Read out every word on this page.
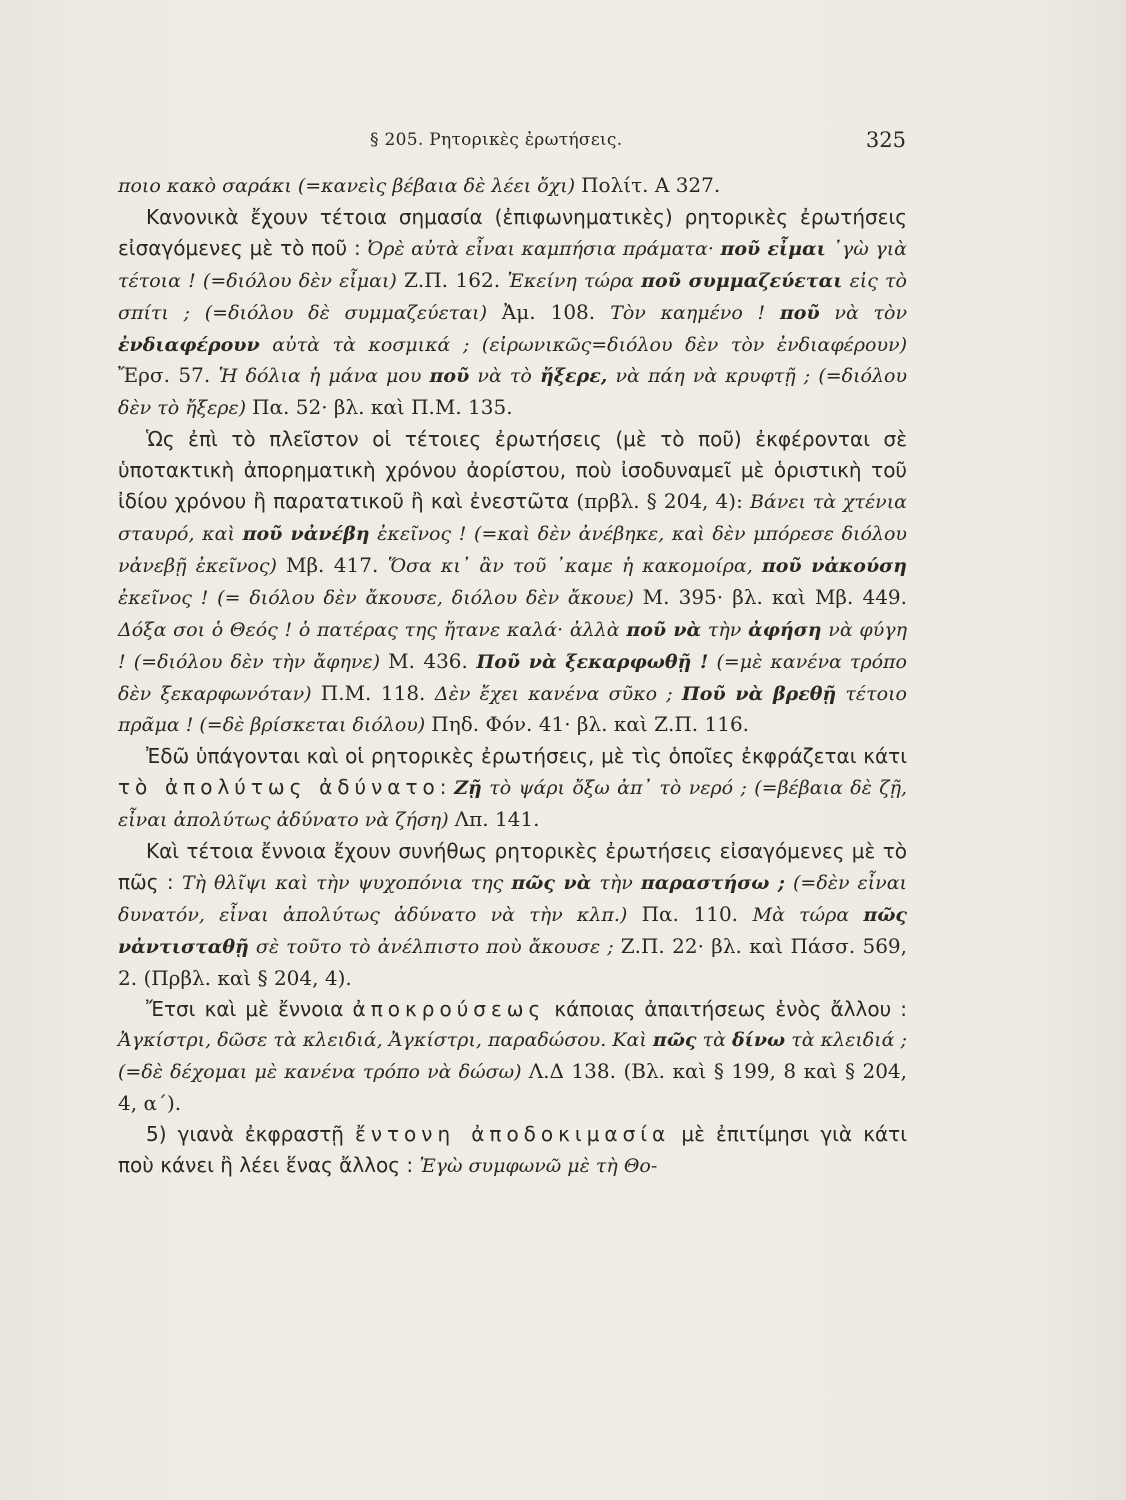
§ 205. Ρητορικὲς ἐρωτήσεις.	325

ποιο κακὸ σαράκι (=κανεὶς βέβαια δὲ λέει ὄχι) Πολίτ. Α 327.

Κανονικὰ ἔχουν τέτοια σημασία (ἐπιφωνηματικὲς) ρητορικὲς ἐρωτήσεις εἰσαγόμενες μὲ τὸ ποῦ : Ὀρὲ αὐτὰ εἶναι καμπήσια πράματα· ποῦ εἶμαι ᾿γὼ γιὰ τέτοια ! (=διόλου δὲν εἶμαι) Ζ.Π. 162. Ἐκείνη τώρα ποῦ συμμαζεύεται εἰς τὸ σπίτι ; (=διόλου δὲ συμμαζεύεται) Ἀμ. 108. Τὸν καημένο ! ποῦ νὰ τὸν ἐνδιαφέρουν αὐτὰ τὰ κοσμικά ; (εἰρωνικῶς=διόλου δὲν τὸν ἐνδιαφέρουν) Ἔρσ. 57. Ἡ δόλια ἡ μάνα μου ποῦ νὰ τὸ ἤξερε, νὰ πάη νὰ κρυφτῇ ; (=διόλου δὲν τὸ ἤξερε) Πα. 52· βλ. καὶ Π.Μ. 135.

Ὡς ἐπὶ τὸ πλεῖστον οἱ τέτοιες ἐρωτήσεις (μὲ τὸ ποῦ) ἐκφέρονται σὲ ὑποτακτικὴ ἀπορηματικὴ χρόνου ἀορίστου, ποὺ ἰσοδυναμεῖ μὲ ὁριστικὴ τοῦ ἰδίου χρόνου ἢ παρατατικοῦ ἢ καὶ ἐνεστῶτα (πρβλ. § 204, 4): Βάνει τὰ χτένια σταυρό, καὶ ποῦ νἀνέβη ἐκεῖνος ! (=καὶ δὲν ἀνέβηκε, καὶ δὲν μπόρεσε διόλου νἀνεβῇ ἐκεῖνος) Μβ. 417. Ὅσα κι᾿ ἂν τοῦ ᾿καμε ἡ κακομοίρα, ποῦ νἀκούση ἐκεῖνος ! (= διόλου δὲν ἄκουσε, διόλου δὲν ἄκουε) Μ. 395· βλ. καὶ Μβ. 449. Δόξα σοι ὁ Θεός ! ὁ πατέρας της ἤτανε καλά· ἀλλὰ ποῦ νὰ τὴν ἀφήση νὰ φύγη ! (=διόλου δὲν τὴν ἄφηνε) Μ. 436. Ποῦ νὰ ξεκαρφωθῇ ! (=μὲ κανένα τρόπο δὲν ξεκαρφωνόταν) Π.Μ. 118. Δὲν ἔχει κανένα σῦκο ; Ποῦ νὰ βρεθῇ τέτοιο πρᾶμα ! (=δὲ βρίσκεται διόλου) Πηδ. Φόν. 41· βλ. καὶ Ζ.Π. 116.

Ἐδῶ ὑπάγονται καὶ οἱ ρητορικὲς ἐρωτήσεις, μὲ τὶς ὁποῖες ἐκφράζεται κάτι τὸ ἀπολύτως ἀδύνατο: Ζῇ τὸ ψάρι ὄξω ἀπ᾿ τὸ νερό ; (=βέβαια δὲ ζῇ, εἶναι ἀπολύτως ἀδύνατο νὰ ζήση) Λπ. 141.

Καὶ τέτοια ἔννοια ἔχουν συνήθως ρητορικὲς ἐρωτήσεις εἰσαγόμενες μὲ τὸ πῶς : Τὴ θλῖψι καὶ τὴν ψυχοπόνια της πῶς νὰ τὴν παραστήσω ; (=δὲν εἶναι δυνατόν, εἶναι ἀπολύτως ἀδύνατο νὰ τὴν κλπ.) Πα. 110. Μὰ τώρα πῶς νἀντισταθῇ σὲ τοῦτο τὸ ἀνέλπιστο ποὺ ἄκουσε ; Ζ.Π. 22· βλ. καὶ Πάσσ. 569, 2. (Πρβλ. καὶ § 204, 4).

Ἔτσι καὶ μὲ ἔννοια ἀποκρούσεως κάποιας ἀπαιτήσεως ἑνὸς ἄλλου : Ἀγκίστρι, δῶσε τὰ κλειδιά, Ἀγκίστρι, παραδώσου. Καὶ πῶς τὰ δίνω τὰ κλειδιά ; (=δὲ δέχομαι μὲ κανένα τρόπο νὰ δώσω) Λ.Δ 138. (Βλ. καὶ § 199, 8 καὶ § 204, 4, α΄).

5) γιανὰ ἐκφραστῇ ἔντονη ἀποδοκιμασία μὲ ἐπιτίμησι γιὰ κάτι ποὺ κάνει ἢ λέει ἕνας ἄλλος : Ἐγὼ συμφωνῶ μὲ τὴ Θο-
